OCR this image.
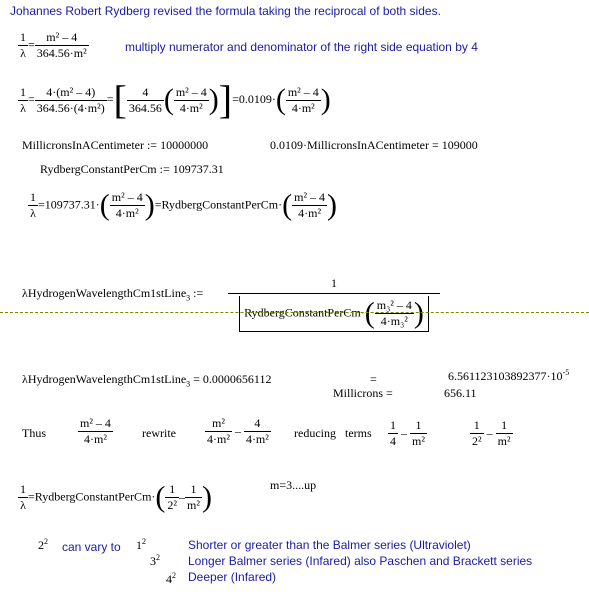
Johannes Robert Rydberg revised the formula taking the reciprocal of both sides.
$\frac{1}{\lambda} = \frac{\text{m² – 4}}{\text{364.56·m²}}$	multiply numerator and denominator of the right side equation by 4
$\frac{1}{\lambda} = \frac{\text{4·(m² – 4)}}{\text{364.56·(4·m²)}}$ =[ $\frac{4}{364.56}$ ( $\frac{\text{m² – 4}}{\text{4·m²}} )]=0.0109\cdot( \frac{\text{m² – 4}}{\text{4·m²}}$ )
MillicronsInACentimeter := 10000000	0.0109·MillicronsInACentimeter = 109000
RydbergConstantPerCm := 109737.31
$\frac{1}{\lambda} =109737.31\cdot( \frac{\text{m² – 4}}{\text{4·m²}}$ )=RydbergConstantPerCm·( $\frac{\text{m² – 4}}{\text{4·m²}}$ )
λHydrogenWavelengthCm1stLine$_3$ :=
1
RydbergConstantPerCm·( $\frac{\text{m₃² – 4}}{\text{4·m₃²}}$ )
λHydrogenWavelengthCm1stLine$_3$ = 0.0000656112	=	$6.561123103892377\cdot 10^{-5}$
Millicrons =	656.11
Thus	$\frac{\text{m² – 4}}{\text{4·m²}}$ rewrite $\frac{\text{m²}}{\text{4·m²}} - \frac{4}{\text{4·m²}}$ reducing terms $\frac{1}{4} - \frac{1}{\text{m²}}$	$\frac{1}{\text{2²}} - \frac{1}{\text{m²}}$
$\frac{1}{\lambda}$ =RydbergConstantPerCm·( $\frac{1}{\text{2²}} - \frac{1}{\text{m²}}$ )	m=3....up
$2^2$ can vary to $1^2$
$3^2$
$4^2$
Shorter or greater than the Balmer series (Ultraviolet)
Longer Balmer series (Infared) also Paschen and Brackett series
Deeper (Infared)
